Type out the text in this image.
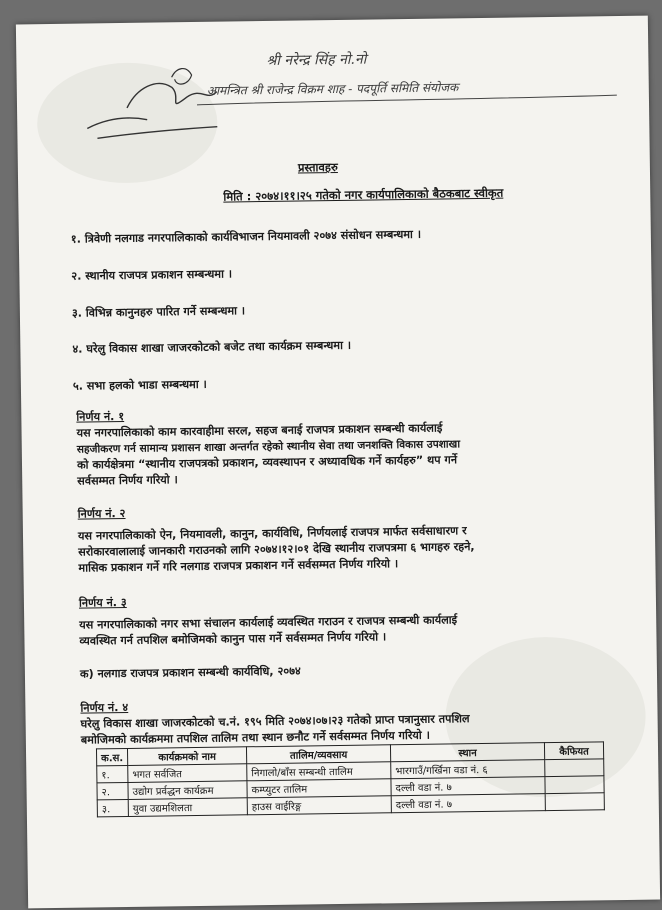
श्री नरेन्द्र सिंह नो.नो
आमन्त्रित श्री राजेन्द्र विक्रम शाह - पदपूर्ति समिति संयोजक
प्रस्तावहरु
मिति : २०७४।११।२५ गतेको नगर कार्यपालिकाको बैठकबाट स्वीकृत
१. त्रिवेणी नलगाड नगरपालिकाको कार्यविभाजन नियमावली २०७४ संसोधन सम्बन्धमा ।
२. स्थानीय राजपत्र प्रकाशन सम्बन्धमा ।
३. विभिन्न कानुनहरु पारित गर्ने सम्बन्धमा ।
४. घरेलु विकास शाखा जाजरकोटको बजेट तथा कार्यक्रम सम्बन्धमा ।
५. सभा हलको भाडा सम्बन्धमा ।
निर्णय नं. १
यस नगरपालिकाको काम कारवाहीमा सरल, सहज बनाई राजपत्र प्रकाशन सम्बन्धी कार्यलाई
सहजीकरण गर्न सामान्य प्रशासन शाखा अन्तर्गत रहेको स्थानीय सेवा तथा जनशक्ति विकास उपशाखा
को कार्यक्षेत्रमा “स्थानीय राजपत्रको प्रकाशन, व्यवस्थापन र अध्यावधिक गर्ने कार्यहरु” थप गर्ने
सर्वसम्मत निर्णय गरियो ।
निर्णय नं. २
यस नगरपालिकाको ऐन, नियमावली, कानुन, कार्यविधि, निर्णयलाई राजपत्र मार्फत सर्वसाधारण र
सरोकारवालालाई जानकारी गराउनको लागि २०७४।१२।०१ देखि स्थानीय राजपत्रमा ६ भागहरु रहने,
मासिक प्रकाशन गर्ने गरि नलगाड राजपत्र प्रकाशन गर्ने सर्वसम्मत निर्णय गरियो ।
निर्णय नं. ३
यस नगरपालिकाको नगर सभा संचालन कार्यलाई व्यवस्थित गराउन र राजपत्र सम्बन्धी कार्यलाई
व्यवस्थित गर्न तपशिल बमोजिमको कानुन पास गर्ने सर्वसम्मत निर्णय गरियो ।
क) नलगाड राजपत्र प्रकाशन सम्बन्धी कार्यविधि, २०७४
निर्णय नं. ४
घरेलु विकास शाखा जाजरकोटको च.नं. १९५ मिति २०७४।०७।२३ गतेको प्राप्त पत्रानुसार तपशिल
बमोजिमको कार्यक्रममा तपशिल तालिम तथा स्थान छनौट गर्ने सर्वसम्मत निर्णय गरियो ।
क.स.	कार्यक्रमको नाम	तालिम/व्यवसाय	स्थान	कैफियत
१.	भगत सर्वजित	निगालो/बाँस सम्बन्धी तालिम	भारगाउँ/गर्खिना वडा नं. ६	
२.	उद्योग प्रर्वद्धन कार्यक्रम	कम्प्युटर तालिम	दल्ली वडा नं. ७	
३.	युवा उद्यमशिलता	हाउस वाईरिङ्ग	दल्ली वडा नं. ७	
